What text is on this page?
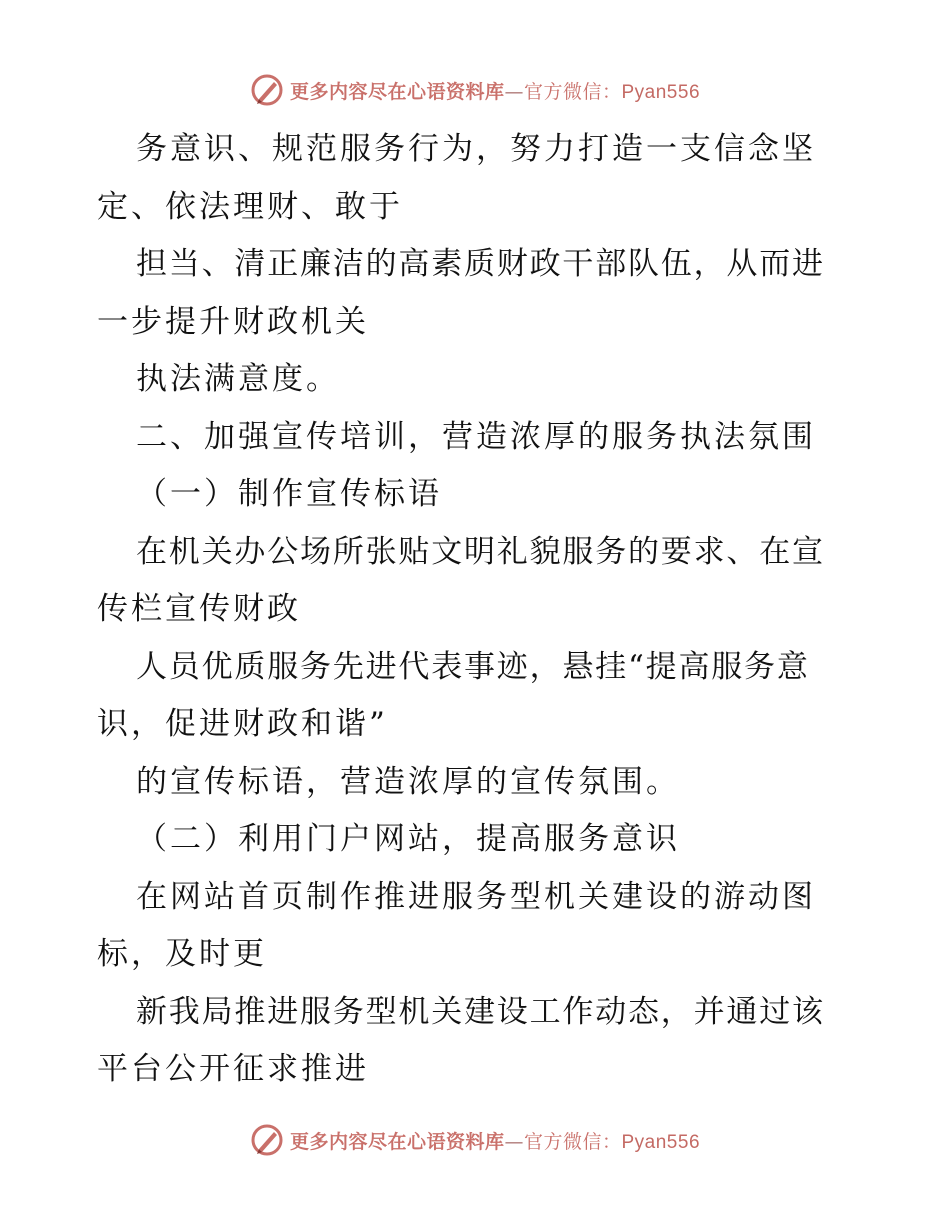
更多内容尽在心语资料库—官方微信：Pyan556
务意识、规范服务行为，努力打造一支信念坚
定、依法理财、敢于
担当、清正廉洁的高素质财政干部队伍，从而进
一步提升财政机关
执法满意度。
二、加强宣传培训，营造浓厚的服务执法氛围
（一）制作宣传标语
在机关办公场所张贴文明礼貌服务的要求、在宣
传栏宣传财政
人员优质服务先进代表事迹，悬挂“提高服务意
识，促进财政和谐”
的宣传标语，营造浓厚的宣传氛围。
（二）利用门户网站，提高服务意识
在网站首页制作推进服务型机关建设的游动图
标，及时更
新我局推进服务型机关建设工作动态，并通过该
平台公开征求推进
更多内容尽在心语资料库—官方微信：Pyan556
